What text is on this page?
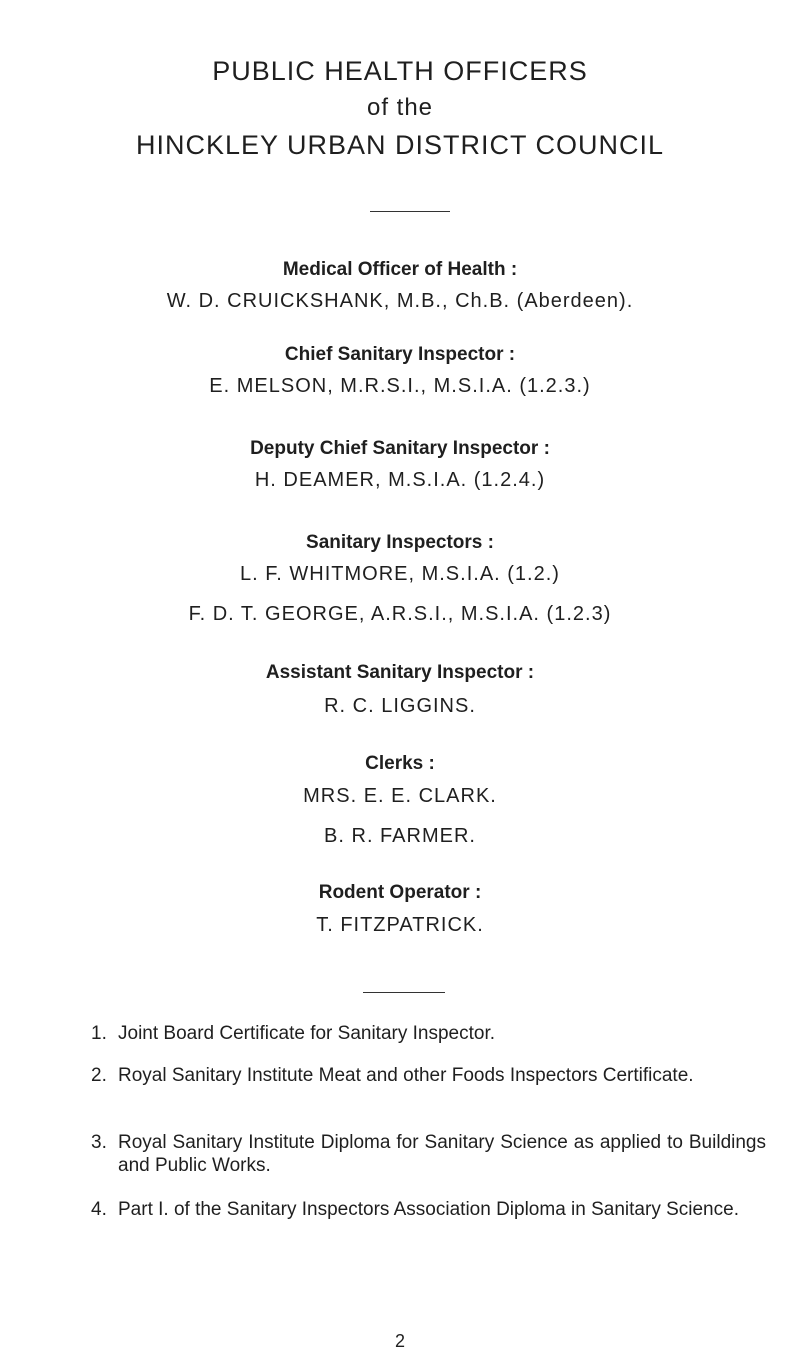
PUBLIC HEALTH OFFICERS
of the
HINCKLEY URBAN DISTRICT COUNCIL
Medical Officer of Health :
W. D. CRUICKSHANK, M.B., Ch.B. (Aberdeen).
Chief Sanitary Inspector :
E. MELSON, M.R.S.I., M.S.I.A. (1.2.3.)
Deputy Chief Sanitary Inspector :
H. DEAMER, M.S.I.A. (1.2.4.)
Sanitary Inspectors :
L. F. WHITMORE, M.S.I.A. (1.2.)
F. D. T. GEORGE, A.R.S.I., M.S.I.A. (1.2.3)
Assistant Sanitary Inspector :
R. C. LIGGINS.
Clerks :
MRS. E. E. CLARK.
B. R. FARMER.
Rodent Operator :
T. FITZPATRICK.
1. Joint Board Certificate for Sanitary Inspector.
2. Royal Sanitary Institute Meat and other Foods Inspectors Certificate.
3. Royal Sanitary Institute Diploma for Sanitary Science as applied to Buildings and Public Works.
4. Part I. of the Sanitary Inspectors Association Diploma in Sanitary Science.
2
